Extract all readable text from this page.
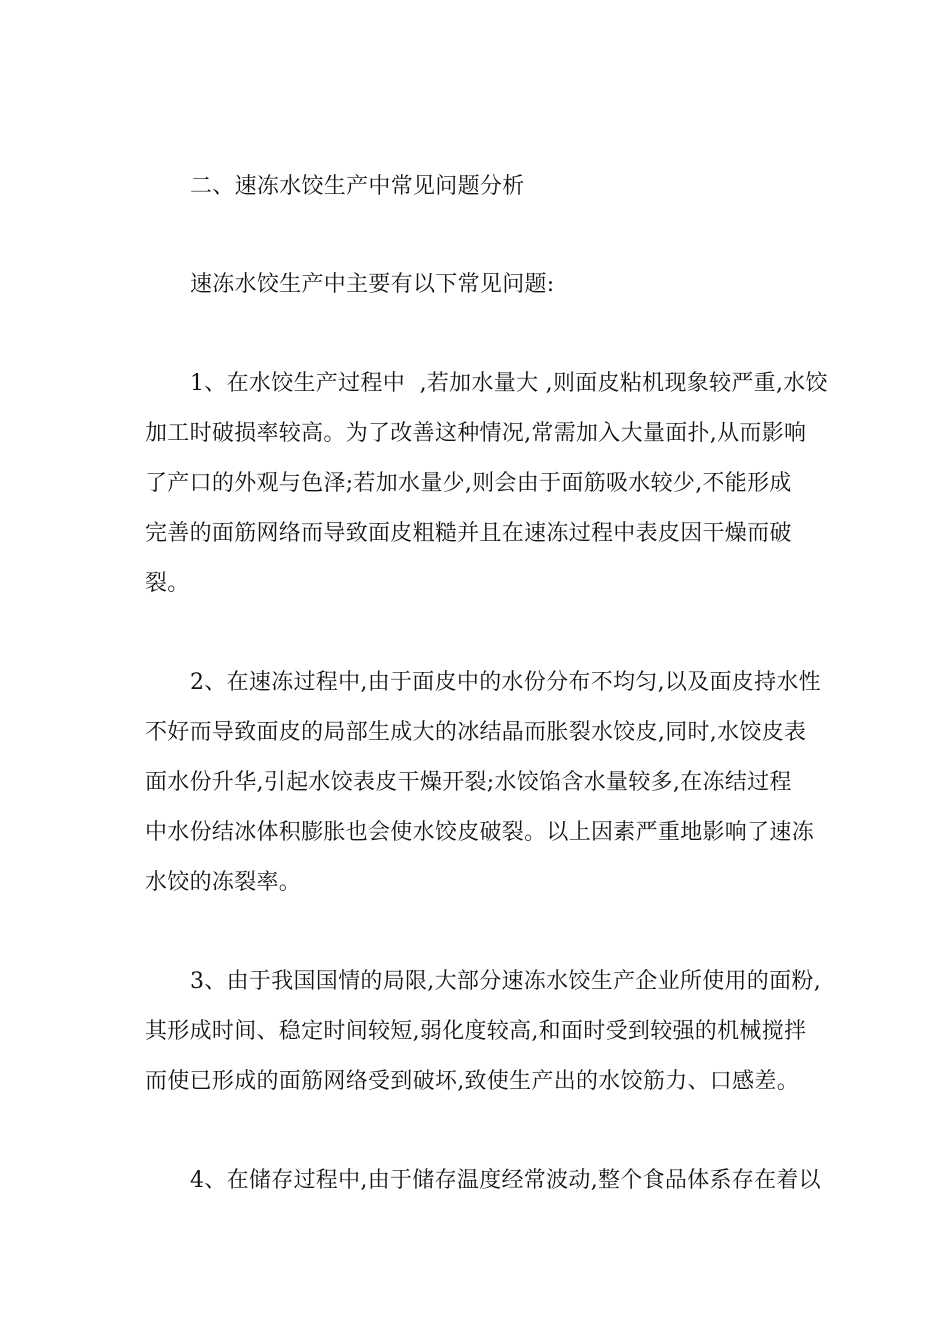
二、速冻水饺生产中常见问题分析
速冻水饺生产中主要有以下常见问题:
1、在水饺生产过程中  ,若加水量大 ,则面皮粘机现象较严重,水饺
加工时破损率较高。为了改善这种情况,常需加入大量面扑,从而影响
了产口的外观与色泽;若加水量少,则会由于面筋吸水较少,不能形成
完善的面筋网络而导致面皮粗糙并且在速冻过程中表皮因干燥而破
裂。
2、在速冻过程中,由于面皮中的水份分布不均匀,以及面皮持水性
不好而导致面皮的局部生成大的冰结晶而胀裂水饺皮,同时,水饺皮表
面水份升华,引起水饺表皮干燥开裂;水饺馅含水量较多,在冻结过程
中水份结冰体积膨胀也会使水饺皮破裂。以上因素严重地影响了速冻
水饺的冻裂率。
3、由于我国国情的局限,大部分速冻水饺生产企业所使用的面粉,
其形成时间、稳定时间较短,弱化度较高,和面时受到较强的机械搅拌
而使已形成的面筋网络受到破坏,致使生产出的水饺筋力、口感差。
4、在储存过程中,由于储存温度经常波动,整个食品体系存在着以
